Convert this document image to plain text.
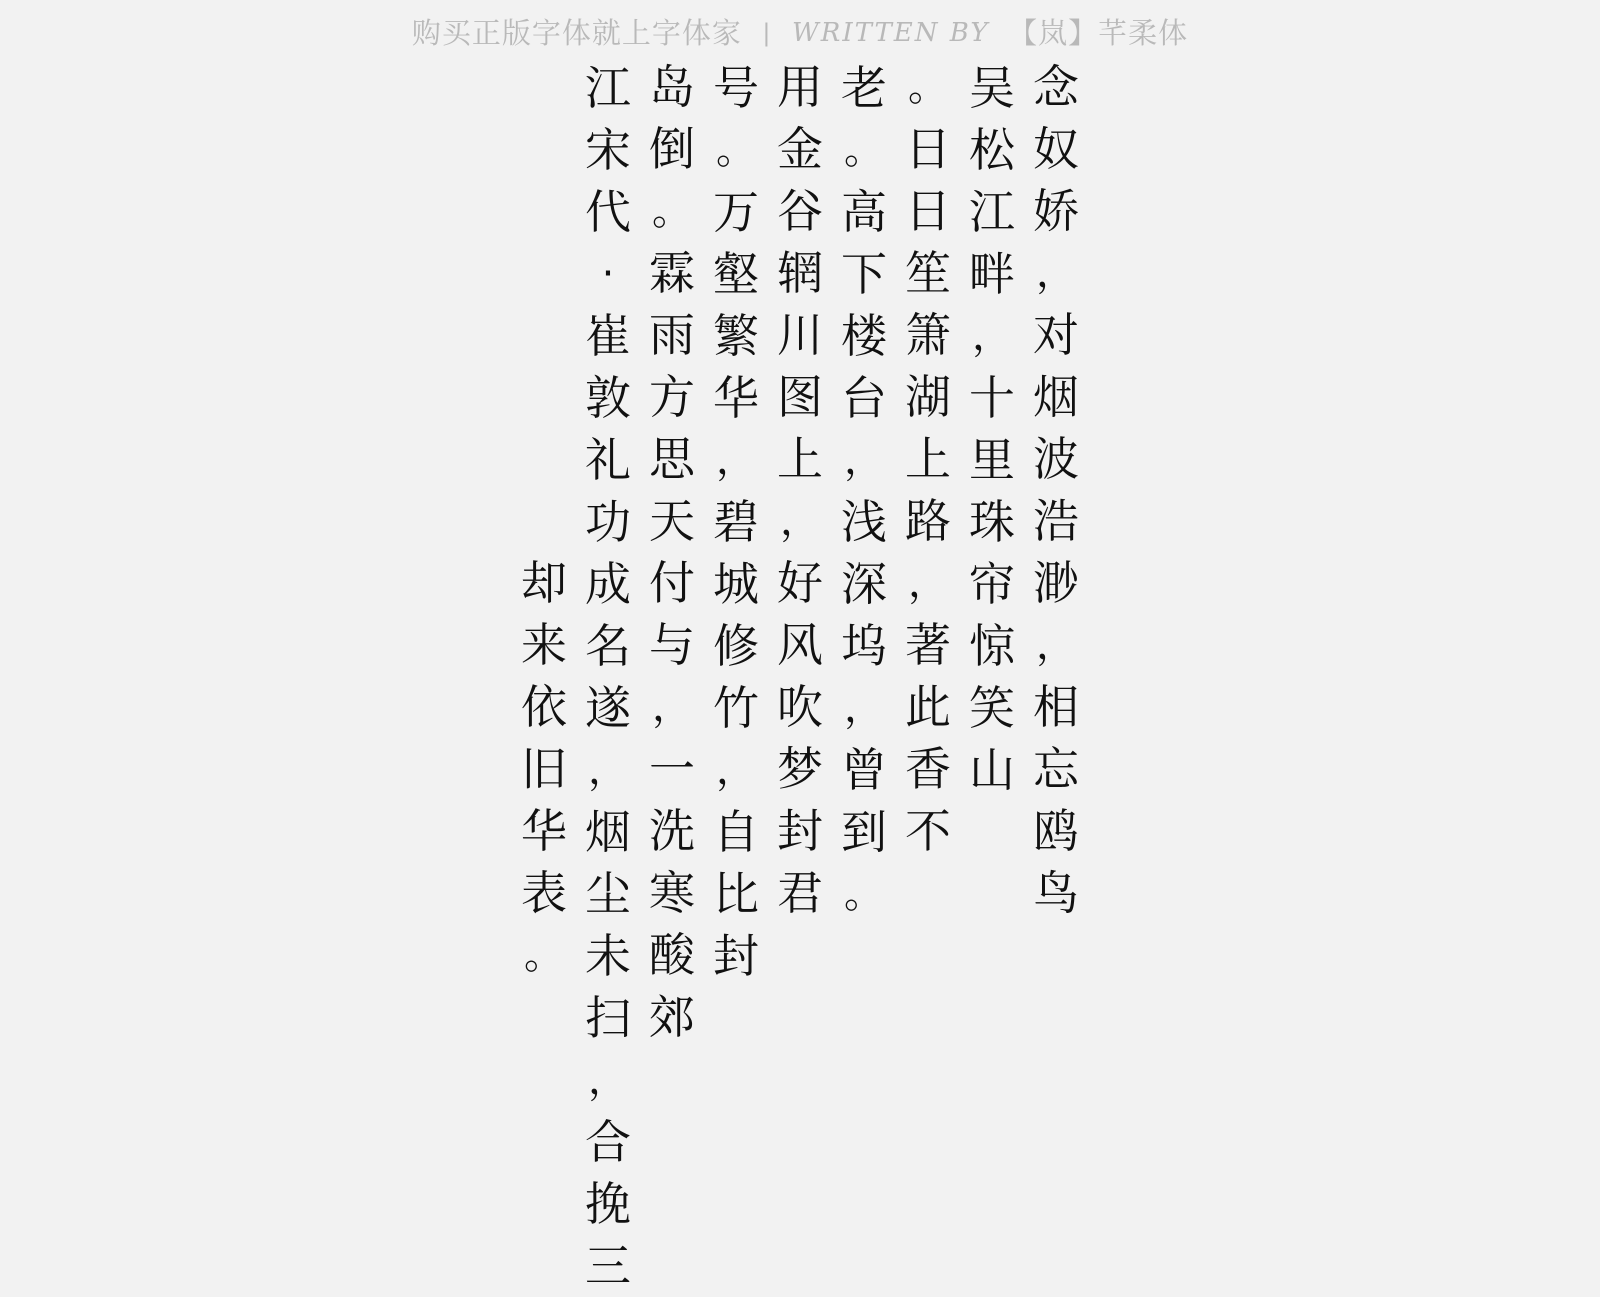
购买正版字体就上字体家 | WRITTEN BY 【岚】芊柔体
念
奴
娇
，
对
烟
波
浩
渺
，
相
忘
鸥
鸟
吴
松
江
畔
，
十
里
珠
帘
惊
笑
山
。
日
日
笙
箫
湖
上
路
，
著
此
香
不
老
。
高
下
楼
台
，
浅
深
坞
，
曾
到
。
用
金
谷
辋
川
图
上
，
好
风
吹
梦
封
君
号
。
万
壑
繁
华
，
碧
城
修
竹
，
自
比
封
岛
倒
。
霖
雨
方
思
天
付
与
，
一
洗
寒
酸
郊
江
宋
代
·
崔
敦
礼
功
成
名
遂
，
烟
尘
未
扫
，
合
挽
三

却
来
依
旧
华
表
。
